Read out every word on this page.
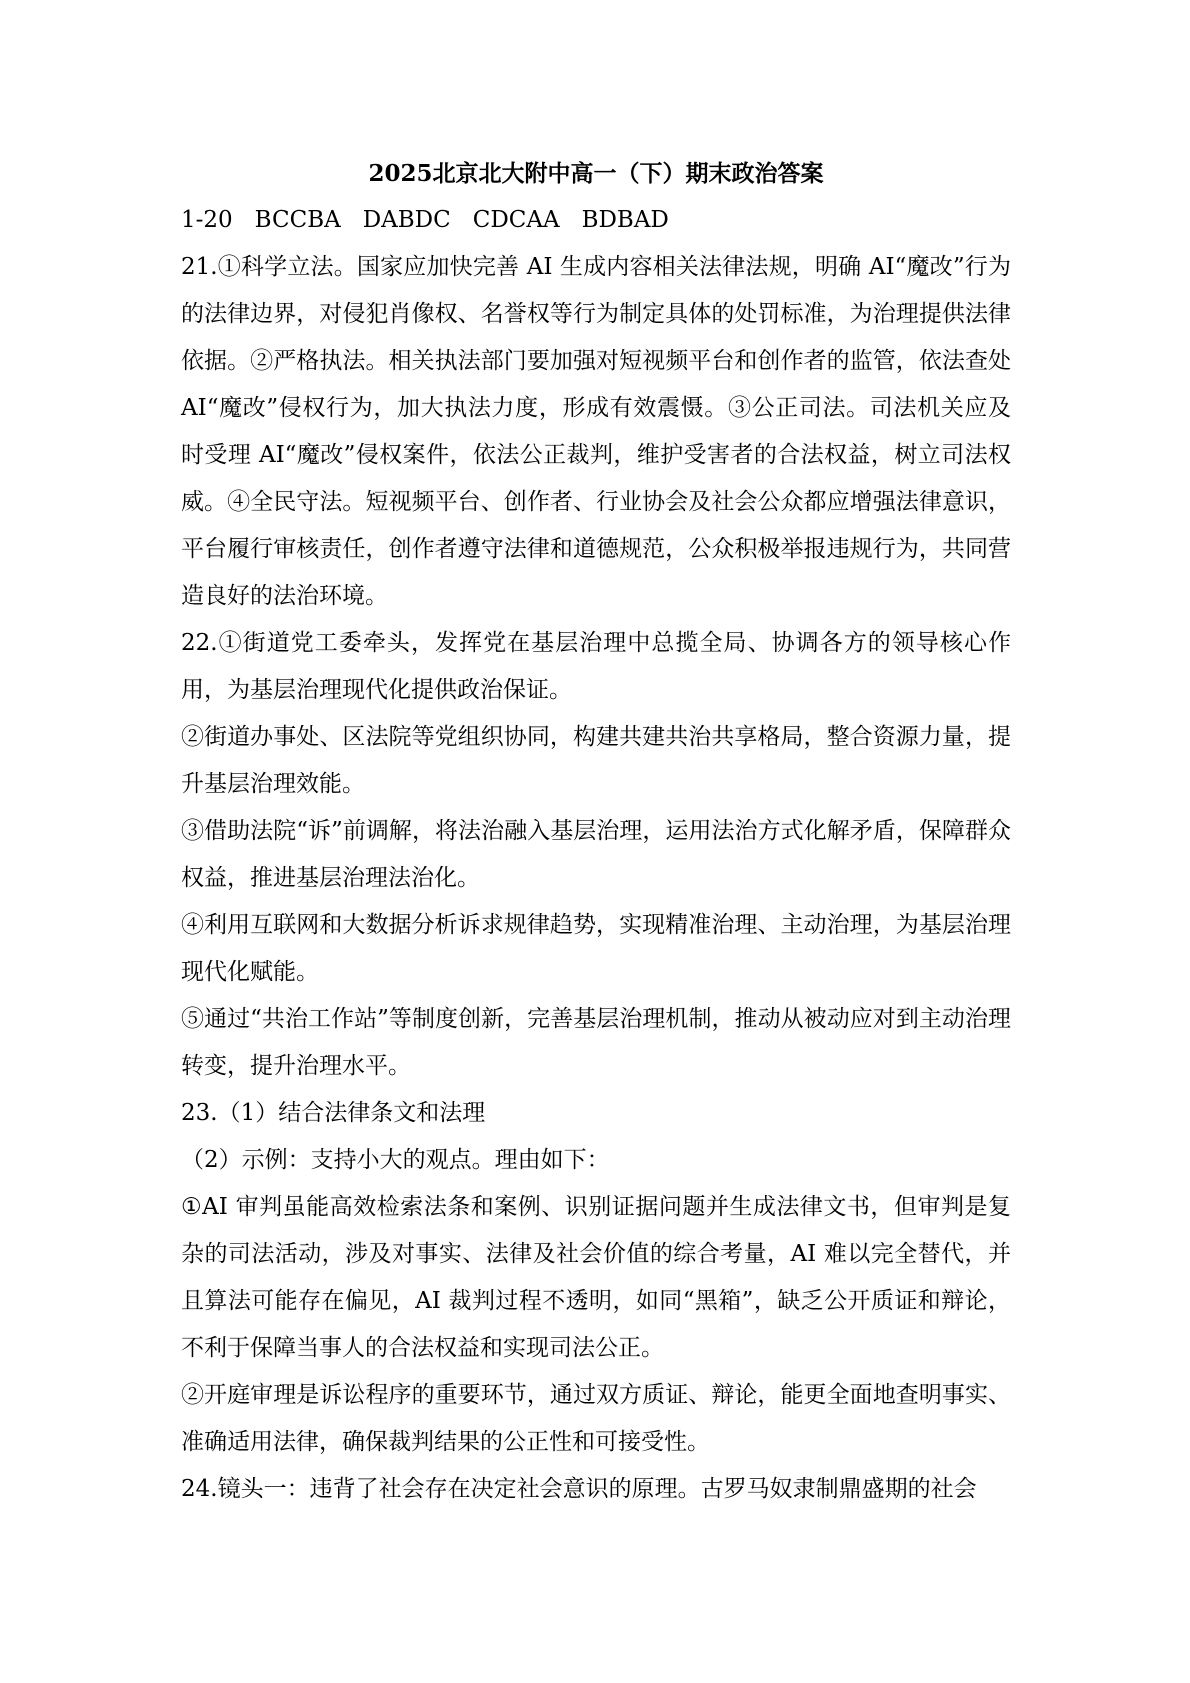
2025北京北大附中高一（下）期末政治答案

1-20 BCCBA DABDC CDCAA BDBAD

21.①科学立法。国家应加快完善 AI 生成内容相关法律法规，明确 AI“魔改”行为的法律边界，对侵犯肖像权、名誉权等行为制定具体的处罚标准，为治理提供法律依据。②严格执法。相关执法部门要加强对短视频平台和创作者的监管，依法查处 AI“魔改”侵权行为，加大执法力度，形成有效震慑。③公正司法。司法机关应及时受理 AI“魔改”侵权案件，依法公正裁判，维护受害者的合法权益，树立司法权威。④全民守法。短视频平台、创作者、行业协会及社会公众都应增强法律意识，平台履行审核责任，创作者遵守法律和道德规范，公众积极举报违规行为，共同营造良好的法治环境。

22.①街道党工委牵头，发挥党在基层治理中总揽全局、协调各方的领导核心作用，为基层治理现代化提供政治保证。

②街道办事处、区法院等党组织协同，构建共建共治共享格局，整合资源力量，提升基层治理效能。

③借助法院“诉”前调解，将法治融入基层治理，运用法治方式化解矛盾，保障群众权益，推进基层治理法治化。

④利用互联网和大数据分析诉求规律趋势，实现精准治理、主动治理，为基层治理现代化赋能。

⑤通过“共治工作站”等制度创新，完善基层治理机制，推动从被动应对到主动治理转变，提升治理水平。

23.（1）结合法律条文和法理

（2）示例：支持小大的观点。理由如下：

①AI 审判虽能高效检索法条和案例、识别证据问题并生成法律文书，但审判是复杂的司法活动，涉及对事实、法律及社会价值的综合考量，AI 难以完全替代，并且算法可能存在偏见，AI 裁判过程不透明，如同“黑箱”，缺乏公开质证和辩论，不利于保障当事人的合法权益和实现司法公正。

②开庭审理是诉讼程序的重要环节，通过双方质证、辩论，能更全面地查明事实、准确适用法律，确保裁判结果的公正性和可接受性。

24.镜头一：违背了社会存在决定社会意识的原理。古罗马奴隶制鼎盛期的社会
